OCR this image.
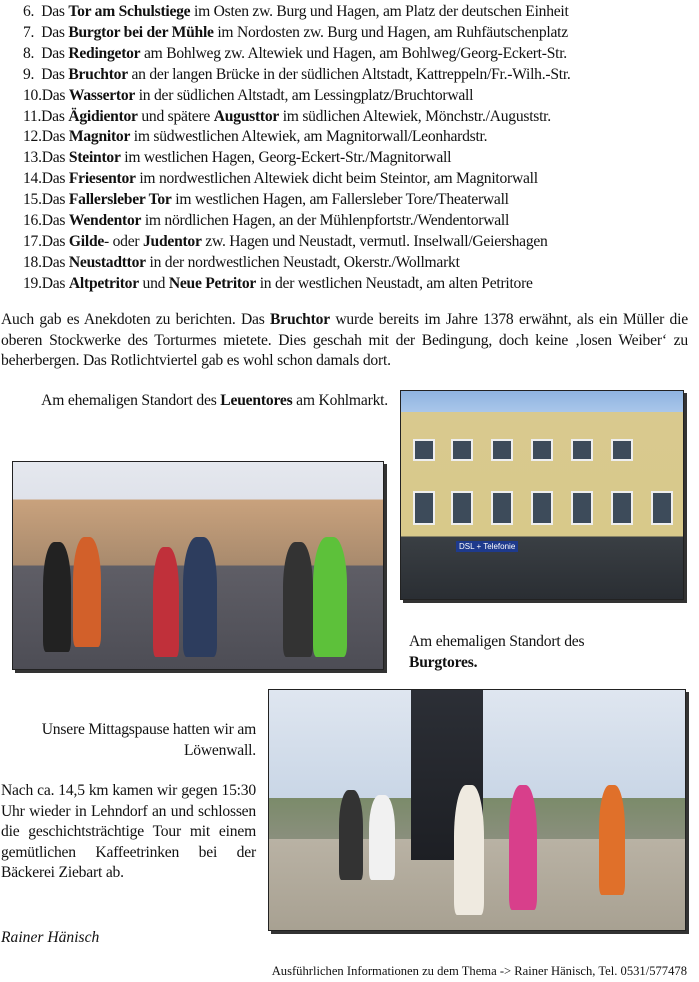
6. Das Tor am Schulstiege im Osten zw. Burg und Hagen, am Platz der deutschen Einheit
7. Das Burgtor bei der Mühle im Nordosten zw. Burg und Hagen, am Ruhfäutschenplatz
8. Das Redingetor am Bohlweg zw. Altewiek und Hagen, am Bohlweg/Georg-Eckert-Str.
9. Das Bruchtor an der langen Brücke in der südlichen Altstadt, Kattreppeln/Fr.-Wilh.-Str.
10.Das Wassertor in der südlichen Altstadt, am Lessingplatz/Bruchtorwall
11.Das Ägidientor und spätere Augusttor im südlichen Altewiek, Mönchstr./Auguststr.
12.Das Magnitor im südwestlichen Altewiek, am Magnitorwall/Leonhardstr.
13.Das Steintor im westlichen Hagen, Georg-Eckert-Str./Magnitorwall
14.Das Friesentor im nordwestlichen Altewiek dicht beim Steintor, am Magnitorwall
15.Das Fallersleber Tor im westlichen Hagen, am Fallersleber Tore/Theaterwall
16.Das Wendentor im nördlichen Hagen, an der Mühlenpfortstr./Wendentorwall
17.Das Gilde- oder Judentor zw. Hagen und Neustadt, vermutl. Inselwall/Geiershagen
18.Das Neustadttor in der nordwestlichen Neustadt, Okerstr./Wollmarkt
19.Das Altpetritor und Neue Petritor in der westlichen Neustadt, am alten Petritore
Auch gab es Anekdoten zu berichten. Das Bruchtor wurde bereits im Jahre 1378 erwähnt, als ein Müller die oberen Stockwerke des Torturmes mietete. Dies geschah mit der Bedingung, doch keine ‚losen Weiber‘ zu beherbergen. Das Rotlichtviertel gab es wohl schon damals dort.
Am ehemaligen Standort des Leuentores am Kohlmarkt.
DSL + Telefonie
Am ehemaligen Standort des Burgtores.
Unsere Mittagspause hatten wir am Löwenwall.
Nach ca. 14,5 km kamen wir gegen 15:30 Uhr wieder in Lehndorf an und schlossen die geschichtsträchtige Tour mit einem gemütlichen Kaffeetrinken bei der Bäckerei Ziebart ab.
Rainer Hänisch
Ausführlichen Informationen zu dem Thema -> Rainer Hänisch, Tel. 0531/577478
